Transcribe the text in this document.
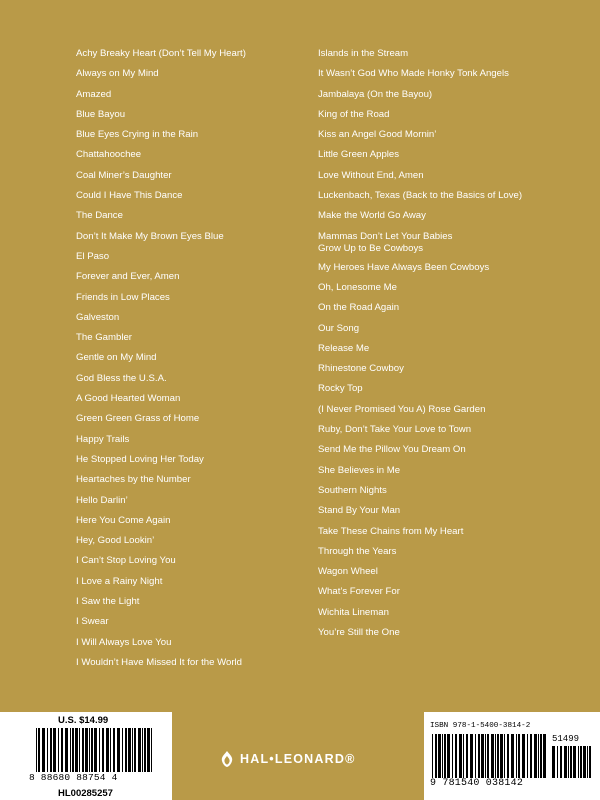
Achy Breaky Heart (Don’t Tell My Heart)
Always on My Mind
Amazed
Blue Bayou
Blue Eyes Crying in the Rain
Chattahoochee
Coal Miner’s Daughter
Could I Have This Dance
The Dance
Don’t It Make My Brown Eyes Blue
El Paso
Forever and Ever, Amen
Friends in Low Places
Galveston
The Gambler
Gentle on My Mind
God Bless the U.S.A.
A Good Hearted Woman
Green Green Grass of Home
Happy Trails
He Stopped Loving Her Today
Heartaches by the Number
Hello Darlin’
Here You Come Again
Hey, Good Lookin’
I Can’t Stop Loving You
I Love a Rainy Night
I Saw the Light
I Swear
I Will Always Love You
I Wouldn’t Have Missed It for the World
Islands in the Stream
It Wasn’t God Who Made Honky Tonk Angels
Jambalaya (On the Bayou)
King of the Road
Kiss an Angel Good Mornin’
Little Green Apples
Love Without End, Amen
Luckenbach, Texas (Back to the Basics of Love)
Make the World Go Away
Mammas Don’t Let Your Babies
Grow Up to Be Cowboys
My Heroes Have Always Been Cowboys
Oh, Lonesome Me
On the Road Again
Our Song
Release Me
Rhinestone Cowboy
Rocky Top
(I Never Promised You A) Rose Garden
Ruby, Don’t Take Your Love to Town
Send Me the Pillow You Dream On
She Believes in Me
Southern Nights
Stand By Your Man
Take These Chains from My Heart
Through the Years
Wagon Wheel
What’s Forever For
Wichita Lineman
You’re Still the One
U.S. $14.99
8 88680 88754 4
HL00285257
ISBN 978-1-5400-3814-2
51499
9 781540 038142
HAL•LEONARD®
